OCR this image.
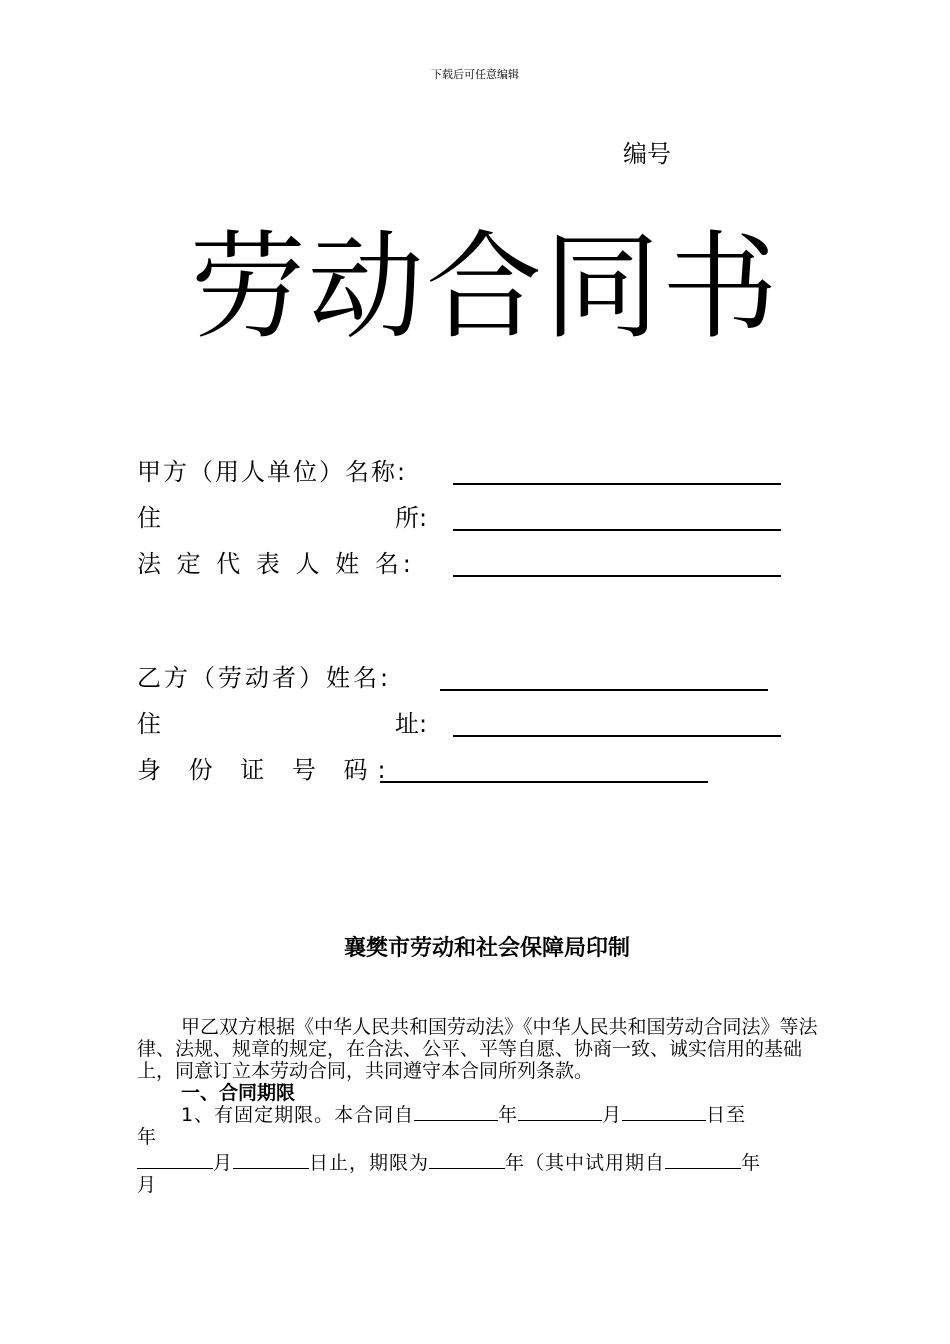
下载后可任意编辑
编号
劳动合同书
甲方（用人单位）名称:
住	所:
法 定 代 表 人 姓 名:
乙方（劳动者）姓名:
住	址:
身 份 证 号 码:
襄樊市劳动和社会保障局印制
甲乙双方根据《中华人民共和国劳动法》《中华人民共和国劳动合同法》等法律、法规、规章的规定，在合法、公平、平等自愿、协商一致、诚实信用的基础上，同意订立本劳动合同，共同遵守本合同所列条款。
一、合同期限
1、有固定期限。本合同自	年	月	日至
年
月	日止，期限为	年（其中试用期自	年
月
